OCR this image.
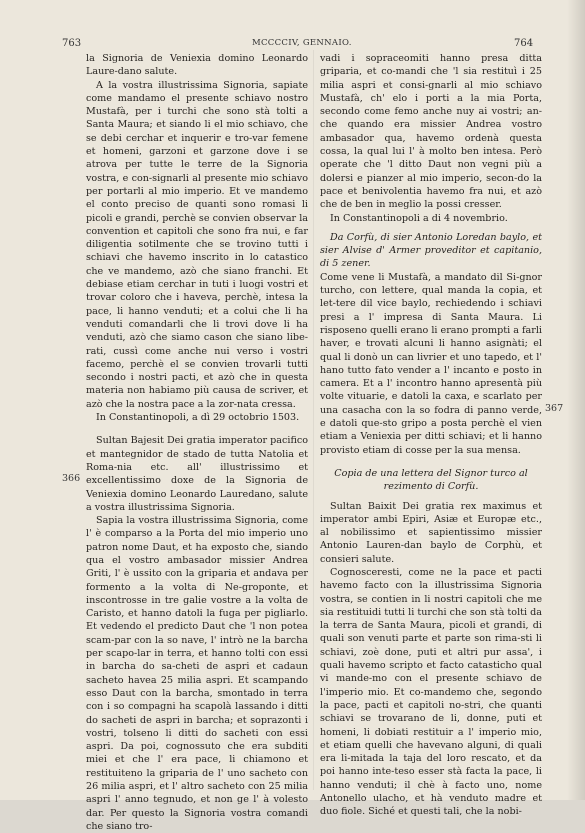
763	MCCCCIV, GENNAIO.	764
366
367

la Signoria de Veniexia domino Leonardo Laure-dano salute.

A la vostra illustrissima Signoria, sapiate come mandamo el presente schiavo nostro Mustafà, per i turchi che sono stà tolti a Santa Maura; et siando li el mio schiavo, che se debi cerchar et inquerir e tro-var femene et homeni, garzoni et garzone dove i se atrova per tutte le terre de la Signoria vostra, e con-signarli al presente mio schiavo per portarli al mio imperio. Et ve mandemo el conto preciso de quanti sono romasi li picoli e grandi, perchè se convien observar la convention et capitoli che sono fra nui, e far diligentia sotilmente che se trovino tutti i schiavi che havemo inscrito in lo catastico che ve mandemo, azò che siano franchi. Et debiase etiam cerchar in tuti i luogi vostri et trovar coloro che i haveva, perchè, intesa la pace, li hanno venduti; et a colui che li ha venduti comandarli che li trovi dove li ha venduti, azò che siamo cason che siano libe-rati, cussì come anche nui verso i vostri facemo, perchè el se convien trovarli tutti secondo i nostri pacti, et azò che in questa materia non habiamo più causa de scriver, et azò che la nostra pace a la zor-nata cressa.

In Constantinopoli, a dì 29 octobrio 1503.

Sultan Bajesit Dei gratia imperator pacifico et mantegnidor de stado de tutta Natolia et Roma-nia etc. all' illustrissimo et excellentissimo doxe de la Signoria de Veniexia domino Leonardo Lauredano, salute a vostra illustrissima Signoria.

Sapia la vostra illustrissima Signoria, come l' è comparso a la Porta del mio imperio uno patron nome Daut, et ha exposto che, siando qua el vostro ambasador missier Andrea Griti, l' è ussito con la griparia et andava per formento a la volta di Ne-groponte, et inscontrosse in tre galie vostre a la volta de Caristo, et hanno datoli la fuga per pigliarlo. Et vedendo el predicto Daut che 'l non potea scam-par con la so nave, l' intrò ne la barcha per scapo-lar in terra, et hanno tolti con essi in barcha do sa-cheti de aspri et cadaun sacheto havea 25 milia aspri. Et scampando esso Daut con la barcha, smontado in terra con i so compagni ha scapolà lassando i ditti do sacheti de aspri in barcha; et soprazonti i vostri, tolseno li ditti do sacheti con essi aspri. Da poi, cognossuto che era subditi miei et che l' era pace, li chiamono et restituiteno la griparia de l' uno sacheto con 26 milia aspri, et l' altro sacheto con 25 milia aspri l' anno tegnudo, et non ge l' à volesto dar. Per questo la Signoria vostra comandi che siano tro-

vadi i sopraceomiti hanno presa ditta griparia, et co-mandi che 'l sia restituì i 25 milia aspri et consi-gnarli al mio schiavo Mustafà, ch' elo i porti a la mia Porta, secondo come femo anche nuy ai vostri; an-che quando era missier Andrea vostro ambasador qua, havemo ordenà questa cossa, la qual lui l' à molto ben intesa. Però operate che 'l ditto Daut non vegni più a dolersi e pianzer al mio imperio, secon-do la pace et benivolentia havemo fra nui, et azò che de ben in meglio la possi cresser.

In Constantinopoli a di 4 novembrio.

Da Corfù, di sier Antonio Loredan baylo, et sier Alvise d' Armer proveditor et capitanio, di 5 zener.

Come vene li Mustafà, a mandato dil Si-gnor turcho, con lettere, qual manda la copia, et let-tere dil vice baylo, rechiedendo i schiavi presi a l' impresa di Santa Maura. Li risposeno quelli erano li erano prompti a farli haver, e trovati alcuni li hanno asignàti; el qual li donò un can livrier et uno tapedo, et l' hano tutto fato vender a l' incanto e posto in camera. Et a l' incontro hanno apresentà più volte vituarie, e datoli la caxa, e scarlato per una casacha con la so fodra di panno verde, e datoli que-sto gripo a posta perchè el vien etiam a Veniexia per ditti schiavi; et li hanno provisto etiam di cosse per la sua mensa.

Copia de una lettera del Signor turco al rezimento di Corfù.

Sultan Baixit Dei gratia rex maximus et imperator ambi Epiri, Asiæ et Europæ etc., al nobilissimo et sapientissimo missier Antonio Lauren-dan baylo de Corphù, et consieri salute.

Cognosceresti, come ne la pace et pacti havemo facto con la illustrissima Signoria vostra, se contien in li nostri capitoli che me sia restituidi tutti li turchi che son stà tolti da la terra de Santa Maura, picoli et grandi, di quali son venuti parte et parte son rima-sti li schiavi, zoè done, puti et altri pur assa', i quali havemo scripto et facto catasticho qual vi mande-mo con el presente schiavo de l'imperio mio. Et co-mandemo che, segondo la pace, pacti et capitoli no-stri, che quanti schiavi se trovarano de li, donne, puti et homeni, li dobiati restituir a l' imperio mio, et etiam quelli che havevano alguni, di quali era li-mitada la taja del loro rescato, et da poi hanno inte-teso esser stà facta la pace, li hanno venduti; il chè à facto uno, nome Antonello ulacho, et hà venduto madre et duo fiole. Siché et questi tali, che la nobi-
